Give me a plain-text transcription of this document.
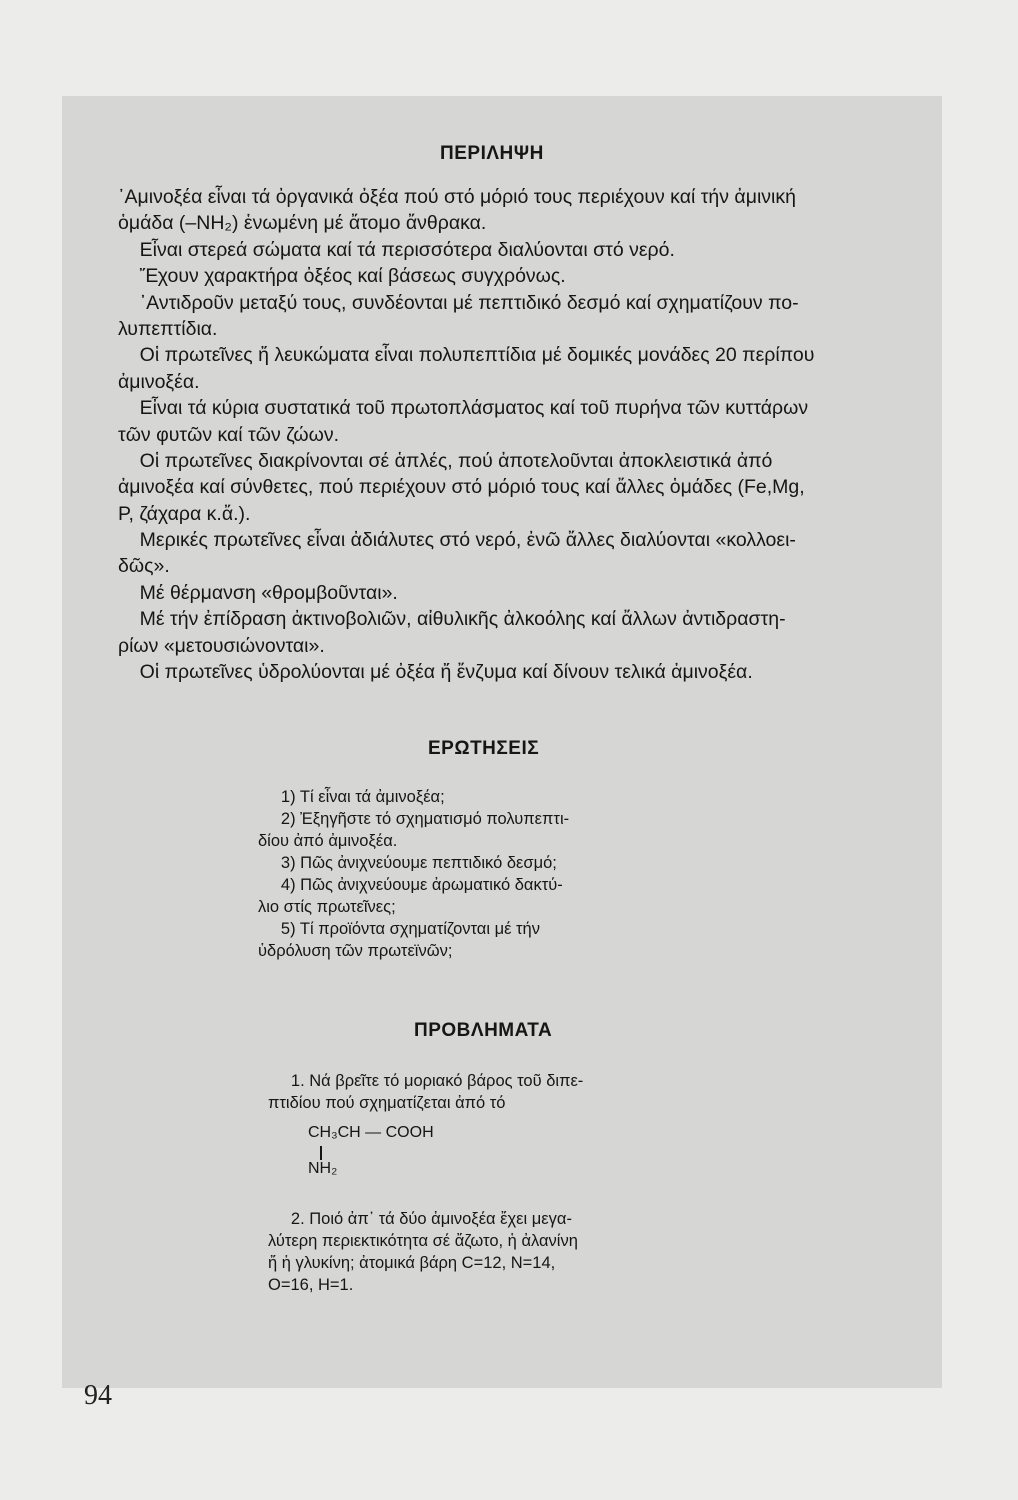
ΠΕΡΙΛΗΨΗ
᾿Αμινοξέα εἶναι τά ὀργανικά ὀξέα πού στό μόριό τους περιέχουν καί τήν ἀμινική
ὁμάδα (–NH₂) ἑνωμένη μέ ἄτομο ἄνθρακα.
Εἶναι στερεά σώματα καί τά περισσότερα διαλύονται στό νερό.
Ἔχουν χαρακτήρα ὀξέος καί βάσεως συγχρόνως.
᾿Αντιδροῦν μεταξύ τους, συνδέονται μέ πεπτιδικό δεσμό καί σχηματίζουν πο-
λυπεπτίδια.
Οἱ πρωτεῖνες ἤ λευκώματα εἶναι πολυπεπτίδια μέ δομικές μονάδες 20 περίπου
ἀμινοξέα.
Εἶναι τά κύρια συστατικά τοῦ πρωτοπλάσματος καί τοῦ πυρήνα τῶν κυττάρων
τῶν φυτῶν καί τῶν ζώων.
Οἱ πρωτεῖνες διακρίνονται σέ ἁπλές, πού ἀποτελοῦνται ἀποκλειστικά ἀπό
ἀμινοξέα καί σύνθετες, πού περιέχουν στό μόριό τους καί ἄλλες ὁμάδες (Fe,Mg,
P, ζάχαρα κ.ἄ.).
Μερικές πρωτεῖνες εἶναι ἀδιάλυτες στό νερό, ἐνῶ ἄλλες διαλύονται «κολλοει-
δῶς».
Μέ θέρμανση «θρομβοῦνται».
Μέ τήν ἐπίδραση ἀκτινοβολιῶν, αἰθυλικῆς ἀλκοόλης καί ἄλλων ἀντιδραστη-
ρίων «μετουσιώνονται».
Οἱ πρωτεῖνες ὑδρολύονται μέ ὀξέα ἤ ἔνζυμα καί δίνουν τελικά ἀμινοξέα.
ΕΡΩΤΗΣΕΙΣ
1) Τί εἶναι τά ἀμινοξέα;
2) Ἐξηγῆστε τό σχηματισμό πολυπεπτι-
δίου ἀπό ἀμινοξέα.
3) Πῶς ἀνιχνεύουμε πεπτιδικό δεσμό;
4) Πῶς ἀνιχνεύουμε ἀρωματικό δακτύ-
λιο στίς πρωτεῖνες;
5) Τί προϊόντα σχηματίζονται μέ τήν
ὑδρόλυση τῶν πρωτεϊνῶν;
ΠΡΟΒΛΗΜΑΤΑ
1. Νά βρεῖτε τό μοριακό βάρος τοῦ διπε-
πτιδίου πού σχηματίζεται ἀπό τό
CH₃CH — COOH
NH₂
2. Ποιό ἀπ᾿ τά δύο ἀμινοξέα ἔχει μεγα-
λύτερη περιεκτικότητα σέ ἄζωτο, ἡ ἀλανίνη
ἤ ἡ γλυκίνη; ἀτομικά βάρη C=12, N=14,
O=16, H=1.
94
